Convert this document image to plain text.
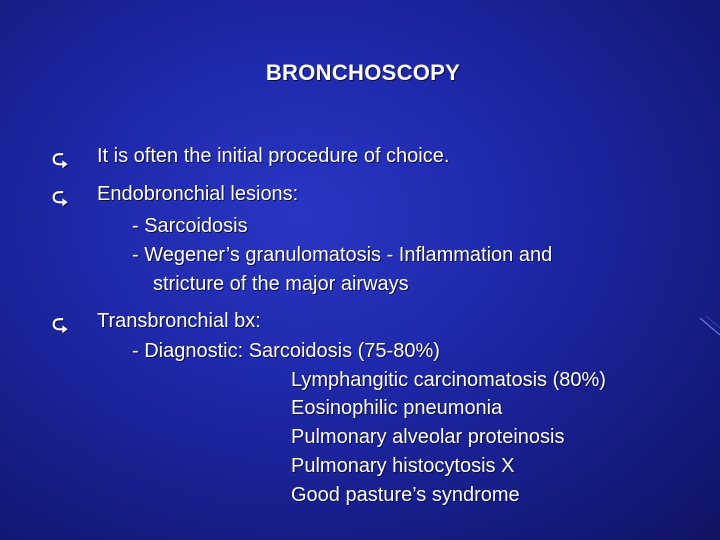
BRONCHOSCOPY
⮎ It is often the initial procedure of choice.
⮎ Endobronchial lesions:
- Sarcoidosis
- Wegener’s granulomatosis - Inflammation and
stricture of the major airways
⮎ Transbronchial bx:
- Diagnostic: Sarcoidosis (75-80%)
Lymphangitic carcinomatosis (80%)
Eosinophilic pneumonia
Pulmonary alveolar proteinosis
Pulmonary histocytosis X
Good pasture’s syndrome
